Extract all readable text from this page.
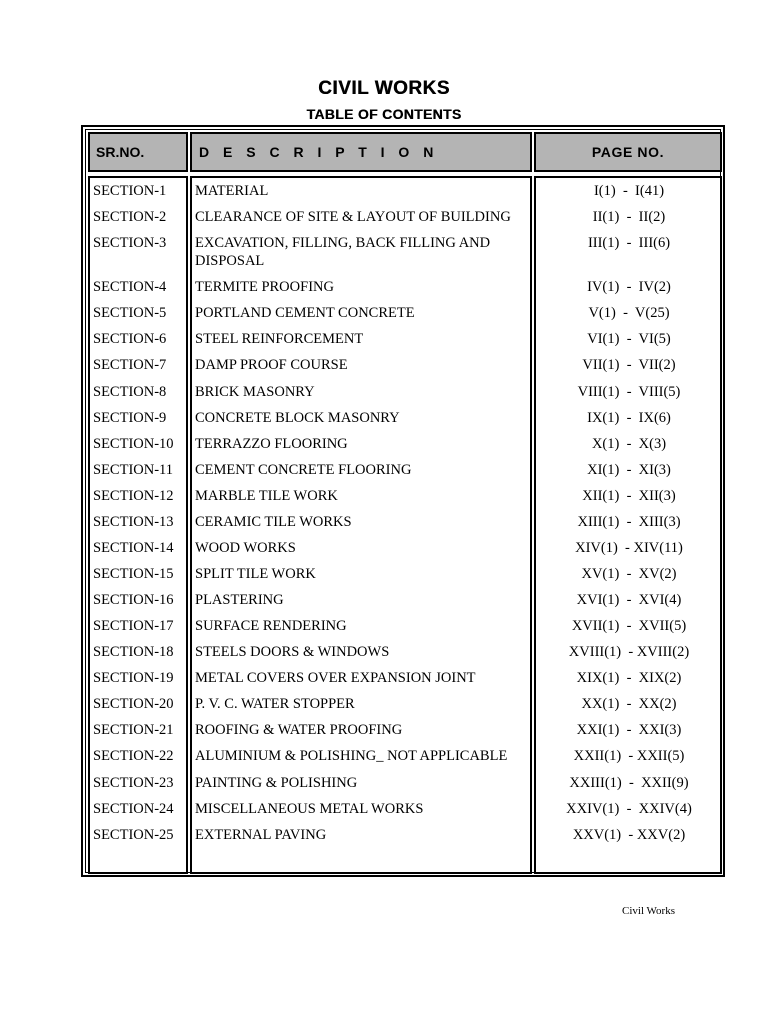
CIVIL WORKS
TABLE OF CONTENTS
SR.NO.	D E S C R I P T I O N	PAGE NO.
SECTION-1 MATERIAL	I(1)  -  I(41)
SECTION-2 CLEARANCE OF SITE & LAYOUT OF BUILDING	II(1)  -  II(2)
SECTION-3 EXCAVATION, FILLING, BACK FILLING AND DISPOSAL
III(1)  -  III(6)
SECTION-4 TERMITE PROOFING	IV(1)  -  IV(2)
SECTION-5 PORTLAND CEMENT CONCRETE	V(1)  -  V(25)
SECTION-6 STEEL REINFORCEMENT	VI(1)  -  VI(5)
SECTION-7 DAMP PROOF COURSE	VII(1)  -  VII(2)
SECTION-8 BRICK MASONRY	VIII(1)  -  VIII(5)
SECTION-9 CONCRETE BLOCK MASONRY	IX(1)  -  IX(6)
SECTION-10 TERRAZZO FLOORING	X(1)  -  X(3)
SECTION-11 CEMENT CONCRETE FLOORING	XI(1)  -  XI(3)
SECTION-12 MARBLE TILE WORK	XII(1)  -  XII(3)
SECTION-13 CERAMIC TILE WORKS	XIII(1)  -  XIII(3)
SECTION-14 WOOD WORKS	XIV(1)  - XIV(11)
SECTION-15 SPLIT TILE WORK	XV(1)  -  XV(2)
SECTION-16 PLASTERING	XVI(1)  -  XVI(4)
SECTION-17 SURFACE RENDERING	XVII(1)  -  XVII(5)
SECTION-18 STEELS DOORS & WINDOWS	XVIII(1)  - XVIII(2)
SECTION-19 METAL COVERS OVER EXPANSION JOINT	XIX(1)  -  XIX(2)
SECTION-20 P. V. C. WATER STOPPER	XX(1)  -  XX(2)
SECTION-21 ROOFING & WATER PROOFING	XXI(1)  -  XXI(3)
SECTION-22 ALUMINIUM & POLISHING_ NOT APPLICABLE	XXII(1)  - XXII(5)
SECTION-23 PAINTING & POLISHING	XXIII(1)  -  XXII(9)
SECTION-24 MISCELLANEOUS METAL WORKS	XXIV(1)  -  XXIV(4)
SECTION-25 EXTERNAL PAVING	XXV(1)  - XXV(2)
Civil Works
